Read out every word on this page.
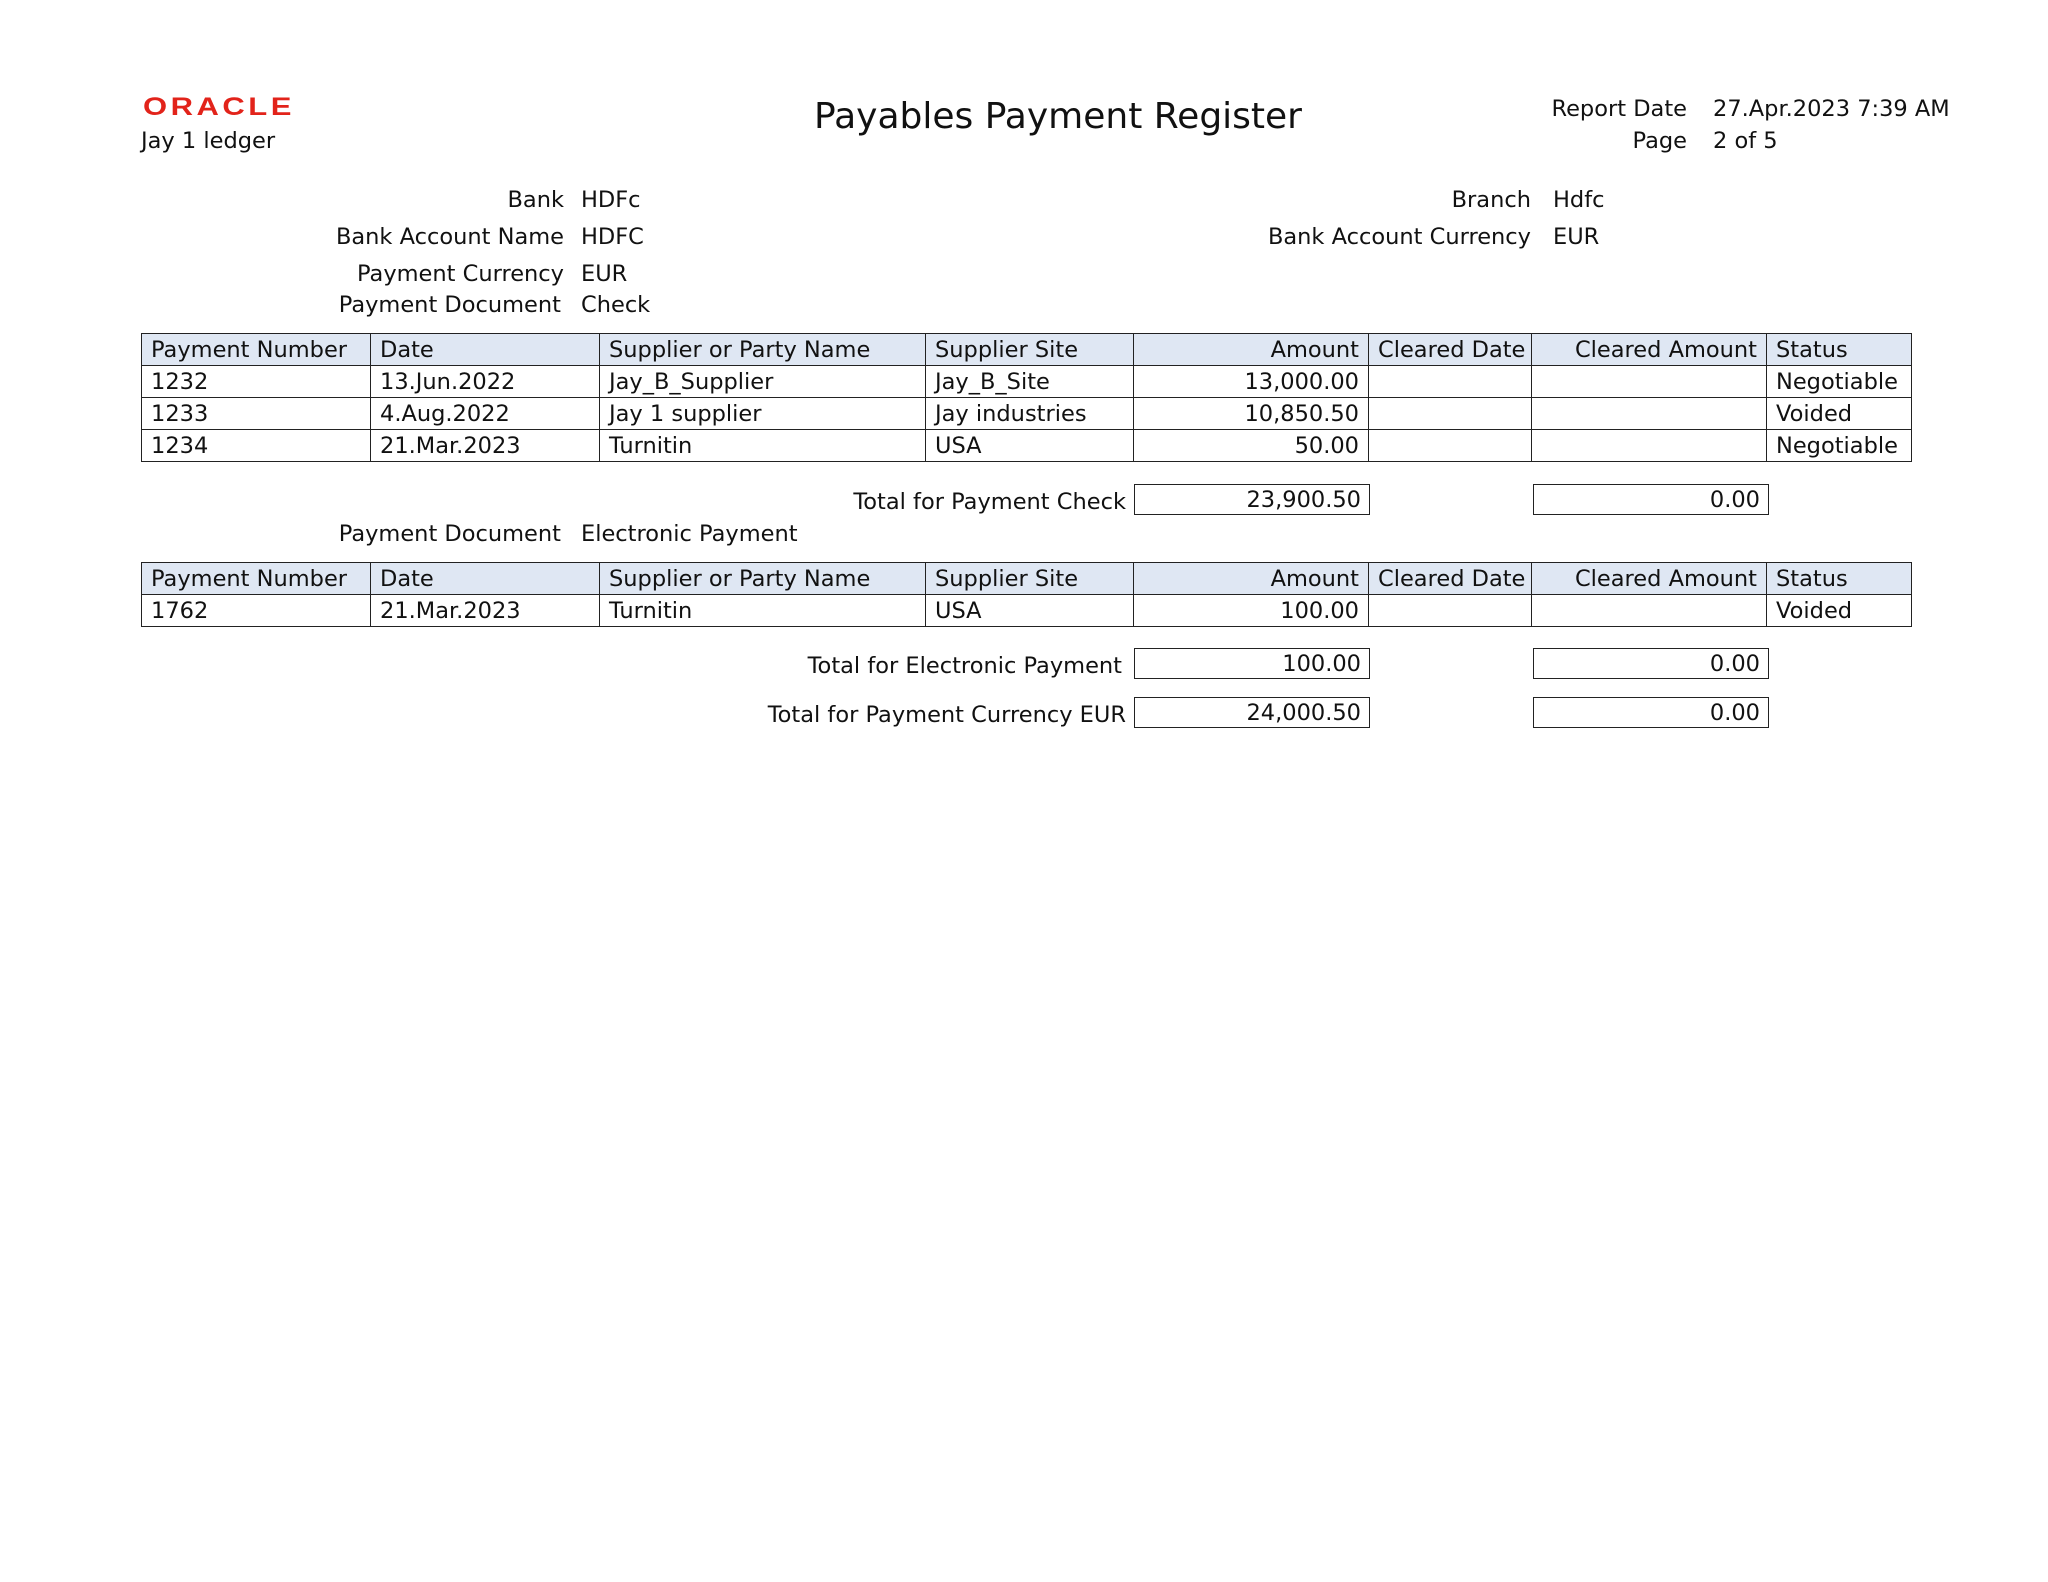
ORACLE
Jay 1 ledger
Payables Payment Register	Report Date 27.Apr.2023 7:39 AM
Page 2 of 5
Bank HDFc
Bank Account Name HDFC
Payment Currency EUR
Branch Hdfc
Bank Account Currency EUR
Payment Document Check
Payment Number	Date	Supplier or Party Name	Supplier Site	Amount	Cleared Date	Cleared Amount	Status
1232	13.Jun.2022	Jay_B_Supplier	Jay_B_Site	13,000.00			Negotiable
1233	4.Aug.2022	Jay 1 supplier	Jay industries	10,850.50			Voided
1234	21.Mar.2023	Turnitin	USA	50.00			Negotiable
Total for Payment Check	23,900.50	0.00
Payment Document Electronic Payment
Payment Number	Date	Supplier or Party Name	Supplier Site	Amount	Cleared Date	Cleared Amount	Status
1762	21.Mar.2023	Turnitin	USA	100.00			Voided
Total for Electronic Payment	100.00	0.00
Total for Payment Currency EUR	24,000.50	0.00
